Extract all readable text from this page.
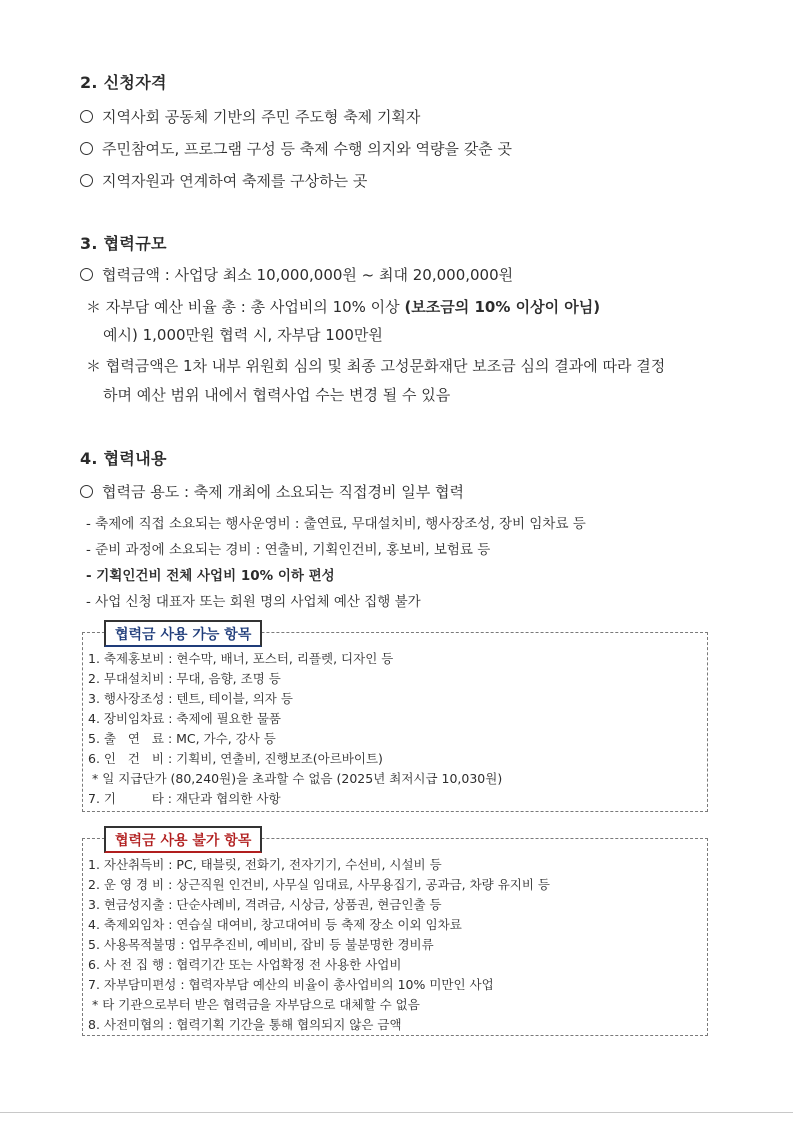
2. 신청자격
지역사회 공동체 기반의 주민 주도형 축제 기획자
주민참여도, 프로그램 구성 등 축제 수행 의지와 역량을 갖춘 곳
지역자원과 연계하여 축제를 구상하는 곳
3. 협력규모
협력금액 : 사업당 최소 10,000,000원 ~ 최대 20,000,000원
＊ 자부담 예산 비율 총 : 총 사업비의 10% 이상 (보조금의 10% 이상이 아님)
예시) 1,000만원 협력 시, 자부담 100만원
＊ 협력금액은 1차 내부 위원회 심의 및 최종 고성문화재단 보조금 심의 결과에 따라 결정
하며 예산 범위 내에서 협력사업 수는 변경 될 수 있음
4. 협력내용
협력금 용도 : 축제 개최에 소요되는 직접경비 일부 협력
- 축제에 직접 소요되는 행사운영비 : 출연료, 무대설치비, 행사장조성, 장비 임차료 등
- 준비 과정에 소요되는 경비 : 연출비, 기획인건비, 홍보비, 보험료 등
- 기획인건비 전체 사업비 10% 이하 편성
- 사업 신청 대표자 또는 회원 명의 사업체 예산 집행 불가
협력금 사용 가능 항목
1. 축제홍보비 : 현수막, 배너, 포스터, 리플렛, 디자인 등
2. 무대설치비 : 무대, 음향, 조명 등
3. 행사장조성 : 텐트, 테이블, 의자 등
4. 장비임차료 : 축제에 필요한 물품
5. 출   연   료 : MC, 가수, 강사 등
6. 인   건   비 : 기획비, 연출비, 진행보조(아르바이트)
* 일 지급단가 (80,240원)을 초과할 수 없음 (2025년 최저시급 10,030원)
7. 기         타 : 재단과 협의한 사항
협력금 사용 불가 항목
1. 자산취득비 : PC, 태블릿, 전화기, 전자기기, 수선비, 시설비 등
2. 운 영 경 비 : 상근직원 인건비, 사무실 임대료, 사무용집기, 공과금, 차량 유지비 등
3. 현금성지출 : 단순사례비, 격려금, 시상금, 상품권, 현금인출 등
4. 축제외임차 : 연습실 대여비, 창고대여비 등 축제 장소 이외 임차료
5. 사용목적불명 : 업무추진비, 예비비, 잡비 등 불분명한 경비류
6. 사 전 집 행 : 협력기간 또는 사업확정 전 사용한 사업비
7. 자부담미편성 : 협력자부담 예산의 비율이 총사업비의 10% 미만인 사업
* 타 기관으로부터 받은 협력금을 자부담으로 대체할 수 없음
8. 사전미협의 : 협력기획 기간을 통해 협의되지 않은 금액
